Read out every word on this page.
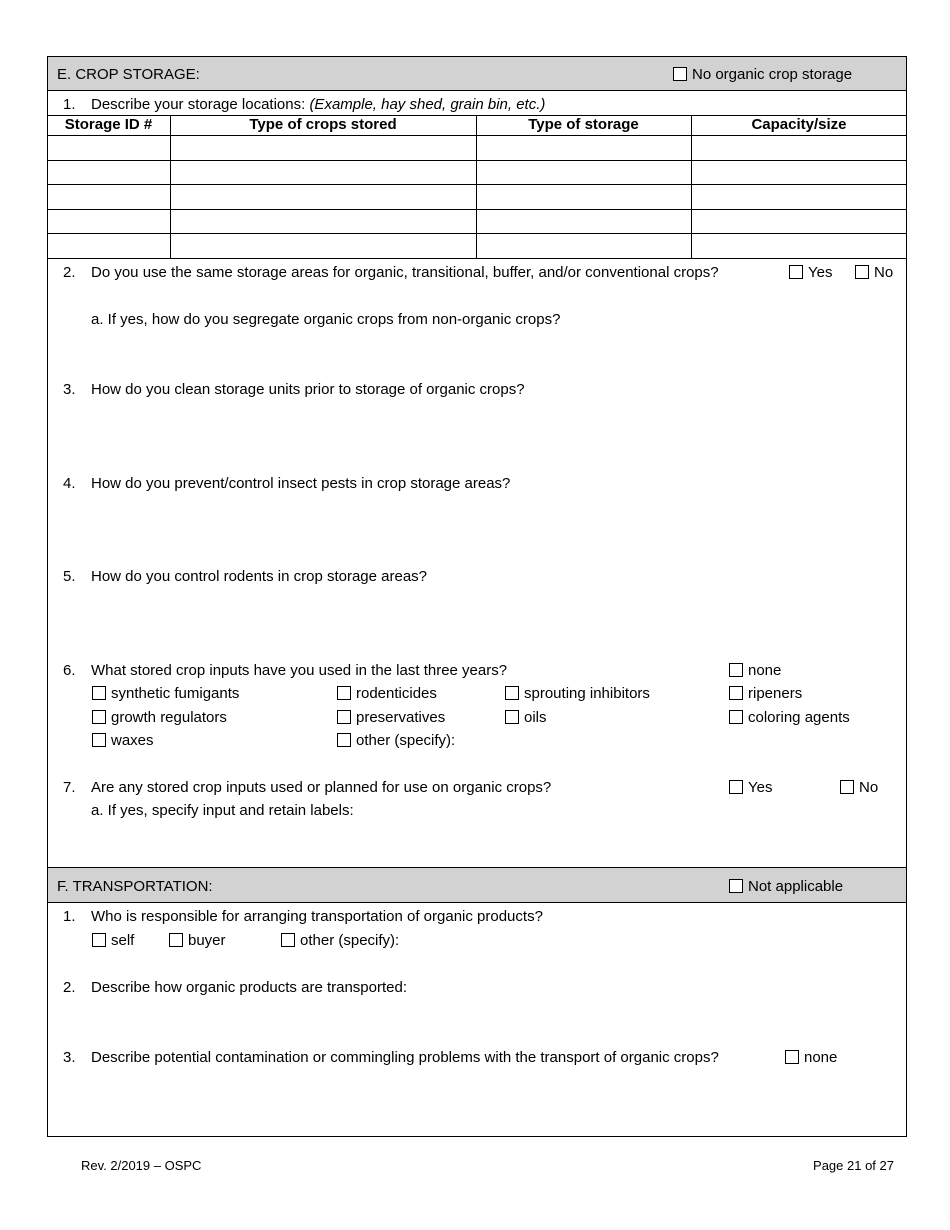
E. CROP STORAGE:	No organic crop storage
1. Describe your storage locations: (Example, hay shed, grain bin, etc.)
Storage ID #	Type of crops stored	Type of storage	Capacity/size
2. Do you use the same storage areas for organic, transitional, buffer, and/or conventional crops?	Yes	No
a. If yes, how do you segregate organic crops from non-organic crops?
3. How do you clean storage units prior to storage of organic crops?
4. How do you prevent/control insect pests in crop storage areas?
5. How do you control rodents in crop storage areas?
6. What stored crop inputs have you used in the last three years?	none
synthetic fumigants	rodenticides	sprouting inhibitors	ripeners
growth regulators	preservatives	oils	coloring agents
waxes	other (specify):
7. Are any stored crop inputs used or planned for use on organic crops?	Yes	No
a. If yes, specify input and retain labels:
F. TRANSPORTATION:	Not applicable
1. Who is responsible for arranging transportation of organic products?
self	buyer	other (specify):
2. Describe how organic products are transported:
3. Describe potential contamination or commingling problems with the transport of organic crops?	none
Rev. 2/2019 – OSPC	Page 21 of 27
